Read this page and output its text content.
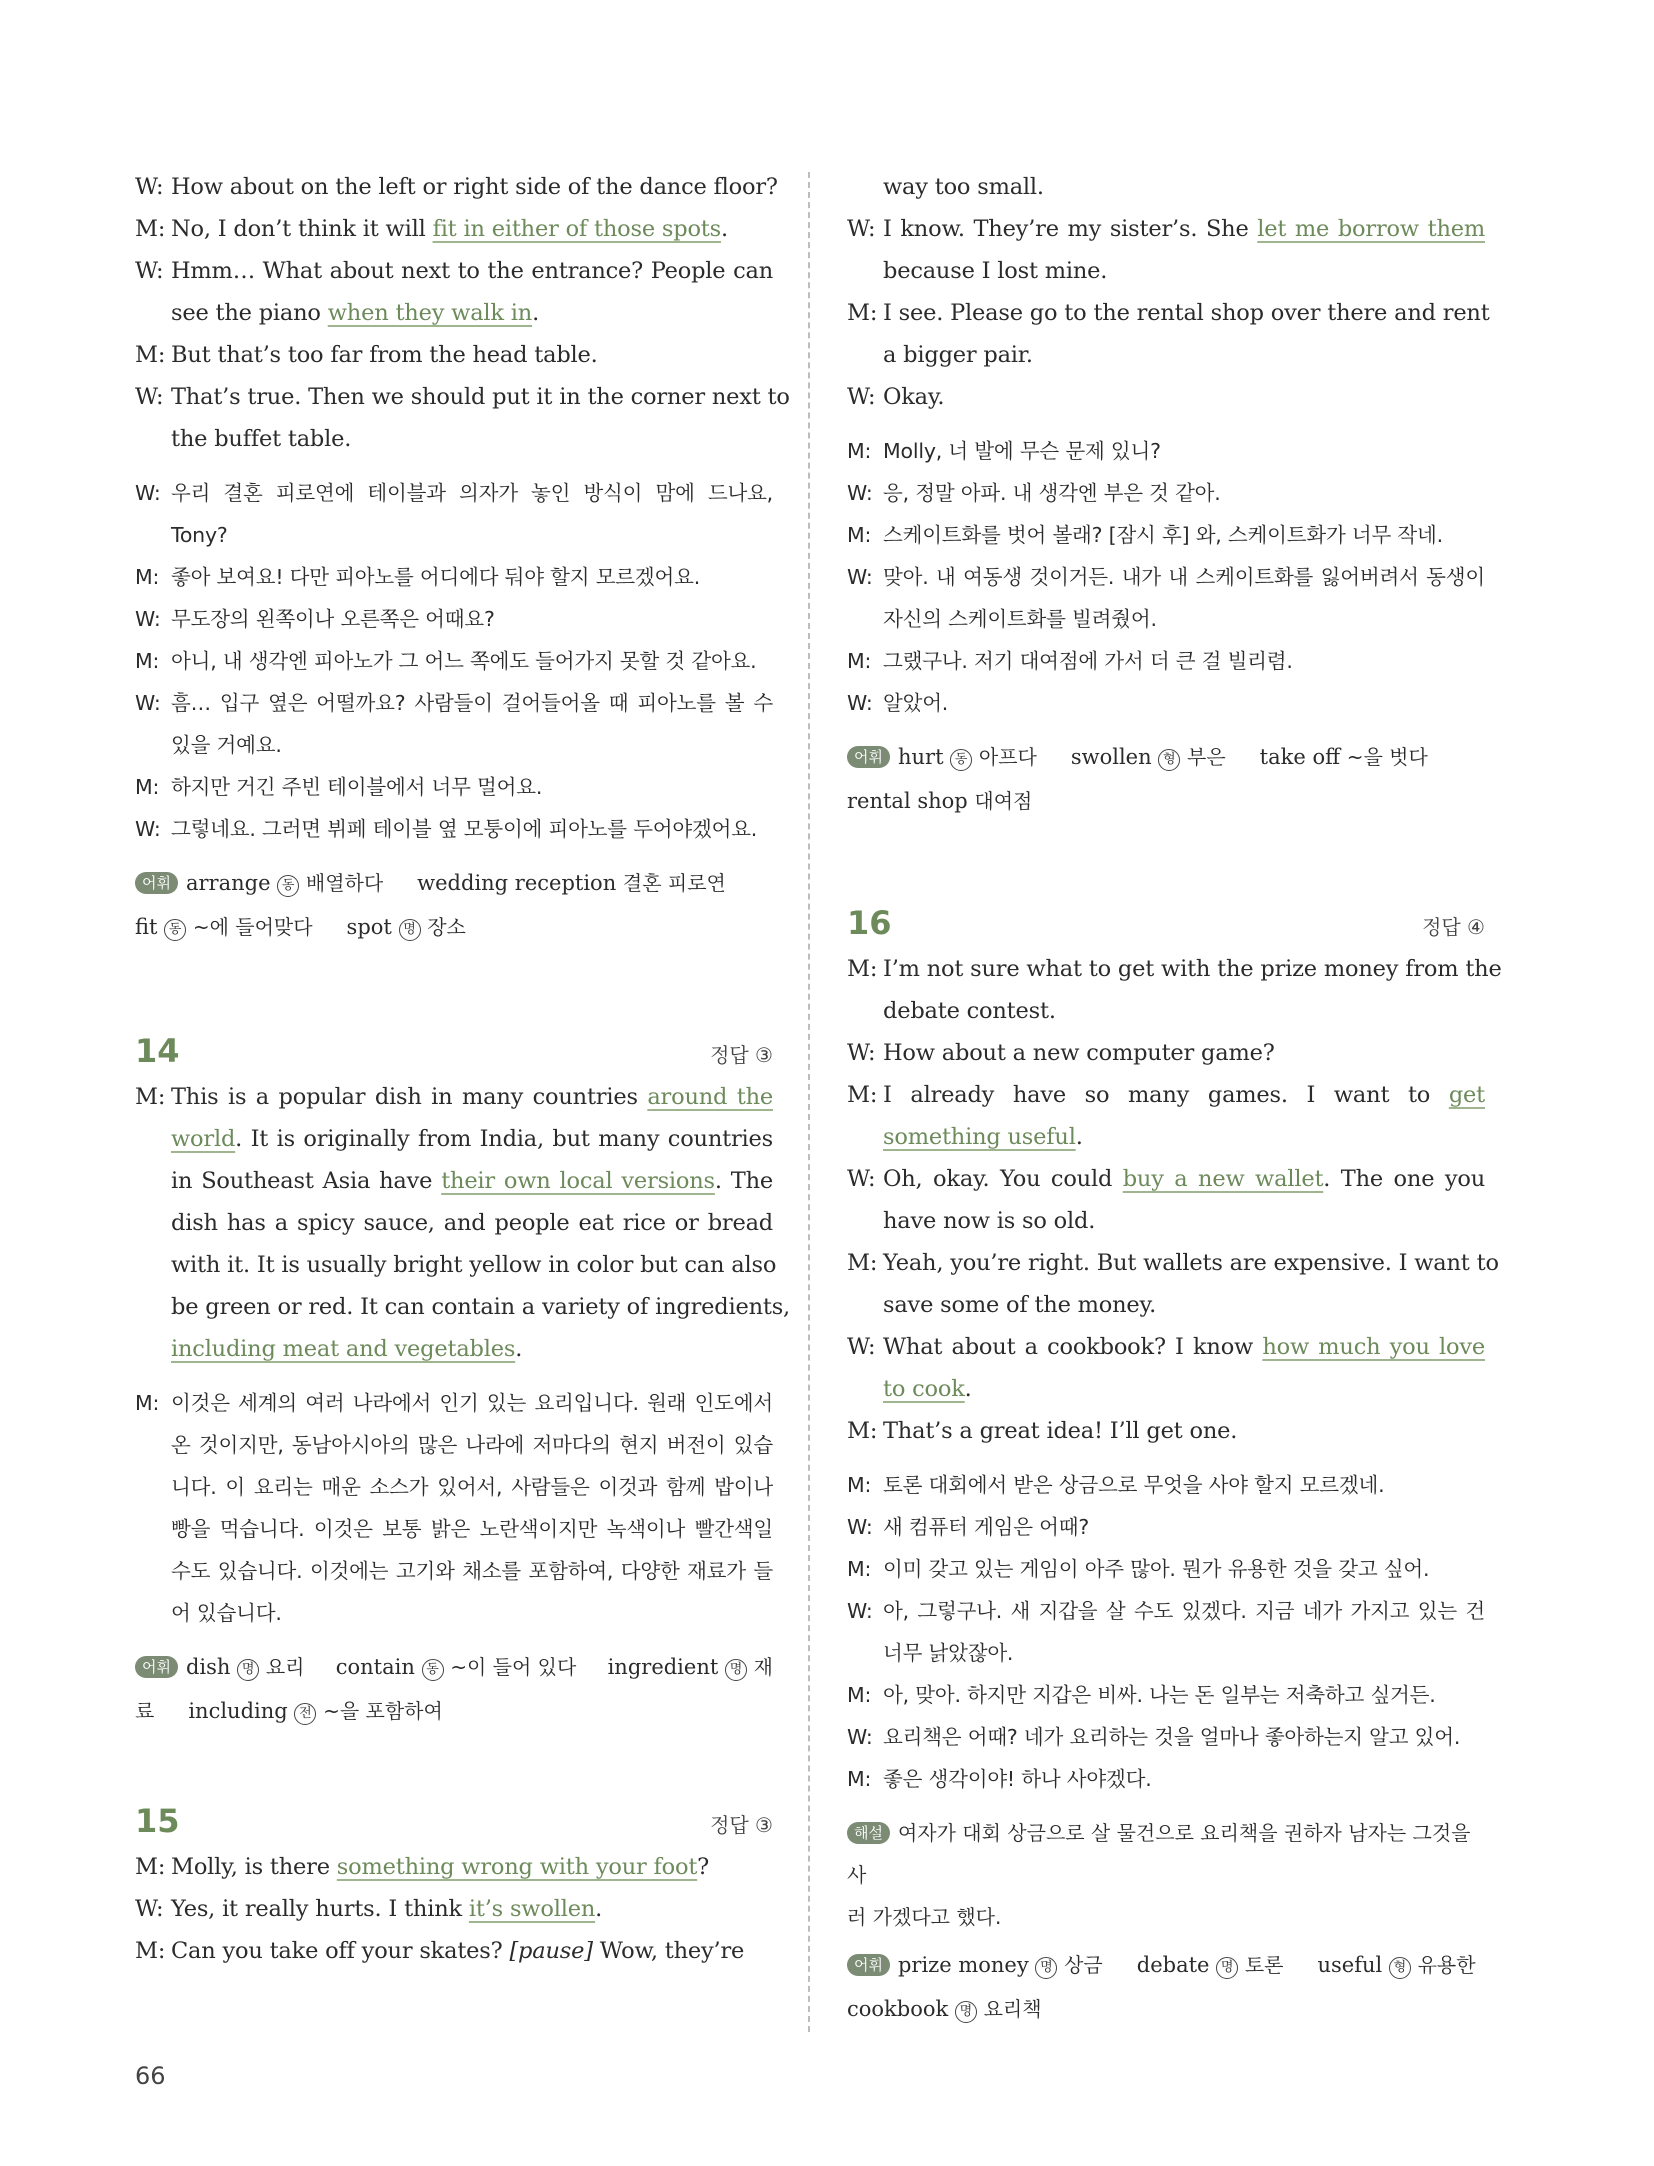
W: How about on the left or right side of the dance floor?
M: No, I don’t think it will fit in either of those spots.
W: Hmm… What about next to the entrance? People can
see the piano when they walk in.
M: But that’s too far from the head table.
W: That’s true. Then we should put it in the corner next to
the buffet table.
W: 우리 결혼 피로연에 테이블과 의자가 놓인 방식이 맘에 드나요,
Tony?
M: 좋아 보여요! 다만 피아노를 어디에다 둬야 할지 모르겠어요.
W: 무도장의 왼쪽이나 오른쪽은 어때요?
M: 아니, 내 생각엔 피아노가 그 어느 쪽에도 들어가지 못할 것 같아요.
W: 흠… 입구 옆은 어떨까요? 사람들이 걸어들어올 때 피아노를 볼 수
있을 거예요.
M: 하지만 거긴 주빈 테이블에서 너무 멀어요.
W: 그렇네요. 그러면 뷔페 테이블 옆 모퉁이에 피아노를 두어야겠어요.
어휘 arrange 동 배열하다 wedding reception 결혼 피로연
fit 동 ~에 들어맞다 spot 명 장소
14	정답 ③
M: This is a popular dish in many countries around the
world. It is originally from India, but many countries
in Southeast Asia have their own local versions. The
dish has a spicy sauce, and people eat rice or bread
with it. It is usually bright yellow in color but can also
be green or red. It can contain a variety of ingredients,
including meat and vegetables.
M: 이것은 세계의 여러 나라에서 인기 있는 요리입니다. 원래 인도에서
온 것이지만, 동남아시아의 많은 나라에 저마다의 현지 버전이 있습
니다. 이 요리는 매운 소스가 있어서, 사람들은 이것과 함께 밥이나
빵을 먹습니다. 이것은 보통 밝은 노란색이지만 녹색이나 빨간색일
수도 있습니다. 이것에는 고기와 채소를 포함하여, 다양한 재료가 들
어 있습니다.
어휘 dish 명 요리 contain 동 ~이 들어 있다 ingredient 명 재
료 including 전 ~을 포함하여
15	정답 ③
M: Molly, is there something wrong with your foot?
W: Yes, it really hurts. I think it’s swollen.
M: Can you take off your skates? [pause] Wow, they’re
way too small.
W: I know. They’re my sister’s. She let me borrow them
because I lost mine.
M: I see. Please go to the rental shop over there and rent
a bigger pair.
W: Okay.
M: Molly, 너 발에 무슨 문제 있니?
W: 응, 정말 아파. 내 생각엔 부은 것 같아.
M: 스케이트화를 벗어 볼래? [잠시 후] 와, 스케이트화가 너무 작네.
W: 맞아. 내 여동생 것이거든. 내가 내 스케이트화를 잃어버려서 동생이
자신의 스케이트화를 빌려줬어.
M: 그랬구나. 저기 대여점에 가서 더 큰 걸 빌리렴.
W: 알았어.
어휘 hurt 동 아프다 swollen 형 부은 take off ~을 벗다
rental shop 대여점
16	정답 ④
M: I’m not sure what to get with the prize money from the
debate contest.
W: How about a new computer game?
M: I already have so many games. I want to get
something useful.
W: Oh, okay. You could buy a new wallet. The one you
have now is so old.
M: Yeah, you’re right. But wallets are expensive. I want to
save some of the money.
W: What about a cookbook? I know how much you love
to cook.
M: That’s a great idea! I’ll get one.
M: 토론 대회에서 받은 상금으로 무엇을 사야 할지 모르겠네.
W: 새 컴퓨터 게임은 어때?
M: 이미 갖고 있는 게임이 아주 많아. 뭔가 유용한 것을 갖고 싶어.
W: 아, 그렇구나. 새 지갑을 살 수도 있겠다. 지금 네가 가지고 있는 건
너무 낡았잖아.
M: 아, 맞아. 하지만 지갑은 비싸. 나는 돈 일부는 저축하고 싶거든.
W: 요리책은 어때? 네가 요리하는 것을 얼마나 좋아하는지 알고 있어.
M: 좋은 생각이야! 하나 사야겠다.
해설 여자가 대회 상금으로 살 물건으로 요리책을 권하자 남자는 그것을 사
러 가겠다고 했다.
어휘 prize money 명 상금 debate 명 토론 useful 형 유용한
cookbook 명 요리책
66
